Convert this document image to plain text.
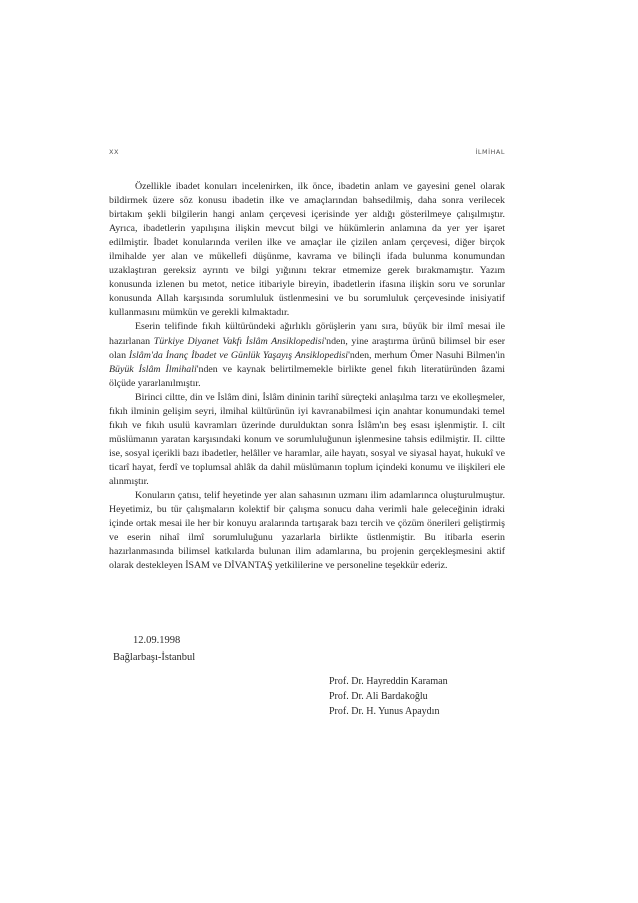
XX	İLMİHAL

Özellikle ibadet konuları incelenirken, ilk önce, ibadetin anlam ve gayesini genel olarak bildirmek üzere söz konusu ibadetin ilke ve amaçlarından bahsedilmiş, daha sonra verilecek birtakım şekli bilgilerin hangi anlam çerçevesi içerisinde yer aldığı gösterilmeye çalışılmıştır. Ayrıca, ibadetlerin yapılışına ilişkin mevcut bilgi ve hükümlerin anlamına da yer yer işaret edilmiştir. İbadet konularında verilen ilke ve amaçlar ile çizilen anlam çerçevesi, diğer birçok ilmihalde yer alan ve mükellefi düşünme, kavrama ve bilinçli ifada bulunma konumundan uzaklaştıran gereksiz ayrıntı ve bilgi yığınını tekrar etmemize gerek bırakmamıştır. Yazım konusunda izlenen bu metot, netice itibariyle bireyin, ibadetlerin ifasına ilişkin soru ve sorunlar konusunda Allah karşısında sorumluluk üstlenmesini ve bu sorumluluk çerçevesinde inisiyatif kullanmasını mümkün ve gerekli kılmaktadır.

Eserin telifinde fıkıh kültüründeki ağırlıklı görüşlerin yanı sıra, büyük bir ilmî mesai ile hazırlanan Türkiye Diyanet Vakfı İslâm Ansiklopedisi'nden, yine araştırma ürünü bilimsel bir eser olan İslâm'da İnanç İbadet ve Günlük Yaşayış Ansiklopedisi'nden, merhum Ömer Nasuhi Bilmen'in Büyük İslâm İlmihali'nden ve kaynak belirtilmemekle birlikte genel fıkıh literatüründen âzami ölçüde yararlanılmıştır.

Birinci ciltte, din ve İslâm dini, İslâm dininin tarihî süreçteki anlaşılma tarzı ve ekolleşmeler, fıkıh ilminin gelişim seyri, ilmihal kültürünün iyi kavranabilmesi için anahtar konumundaki temel fıkıh ve fıkıh usulü kavramları üzerinde durulduktan sonra İslâm'ın beş esası işlenmiştir. I. cilt müslümanın yaratan karşısındaki konum ve sorumluluğunun işlenmesine tahsis edilmiştir. II. ciltte ise, sosyal içerikli bazı ibadetler, helâller ve haramlar, aile hayatı, sosyal ve siyasal hayat, hukukî ve ticarî hayat, ferdî ve toplumsal ahlâk da dahil müslümanın toplum içindeki konumu ve ilişkileri ele alınmıştır.

Konuların çatısı, telif heyetinde yer alan sahasının uzmanı ilim adamlarınca oluşturulmuştur. Heyetimiz, bu tür çalışmaların kolektif bir çalışma sonucu daha verimli hale geleceğinin idraki içinde ortak mesai ile her bir konuyu aralarında tartışarak bazı tercih ve çözüm önerileri geliştirmiş ve eserin nihaî ilmî sorumluluğunu yazarlarla birlikte üstlenmiştir. Bu itibarla eserin hazırlanmasında bilimsel katkılarda bulunan ilim adamlarına, bu projenin gerçekleşmesini aktif olarak destekleyen İSAM ve DİVANTAŞ yetkililerine ve personeline teşekkür ederiz.

12.09.1998
Bağlarbaşı-İstanbul
Prof. Dr. Hayreddin Karaman
Prof. Dr. Ali Bardakoğlu
Prof. Dr. H. Yunus Apaydın
